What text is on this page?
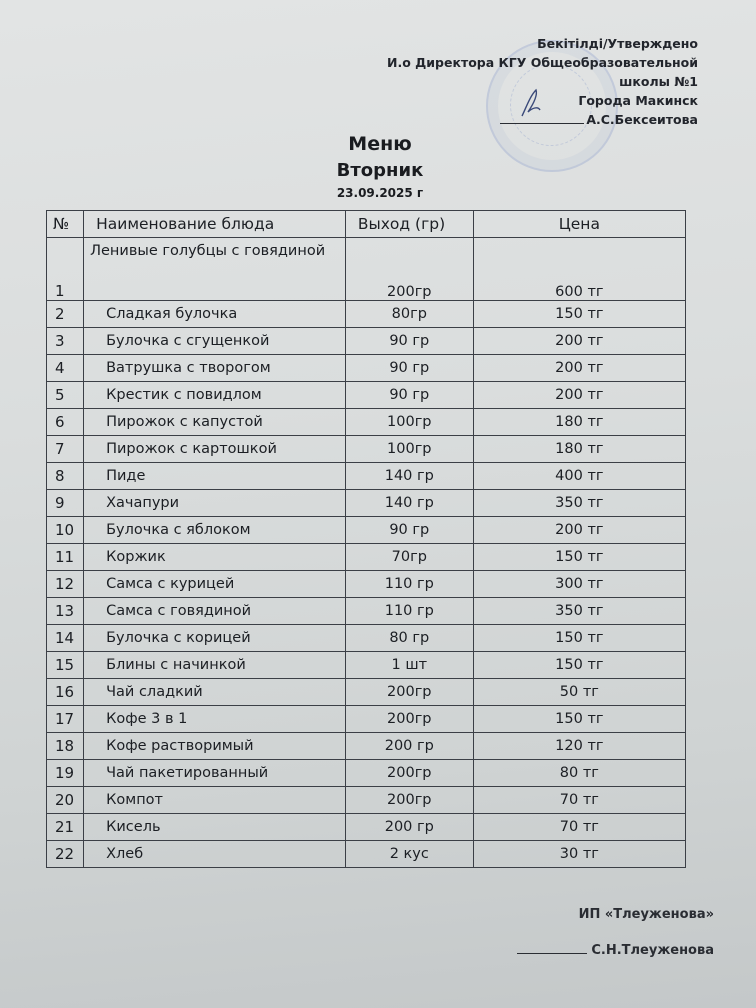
Бекітілді/Утверждено
И.о Директора КГУ Общеобразовательной
школы №1
Города Макинск
А.С.Бексеитова
Меню
Вторник
23.09.2025 г
№	Наименование блюда	Выход (гр)	Цена
1	Ленивые голубцы с говядиной	200гр	600 тг
2	Сладкая булочка	80гр	150 тг
3	Булочка с сгущенкой	90 гр	200 тг
4	Ватрушка с творогом	90 гр	200 тг
5	Крестик с повидлом	90 гр	200 тг
6	Пирожок с капустой	100гр	180 тг
7	Пирожок с картошкой	100гр	180 тг
8	Пиде	140 гр	400 тг
9	Хачапури	140 гр	350 тг
10	Булочка с яблоком	90 гр	200 тг
11	Коржик	70гр	150 тг
12	Самса с курицей	110 гр	300 тг
13	Самса с говядиной	110 гр	350 тг
14	Булочка с корицей	80 гр	150 тг
15	Блины с начинкой	1 шт	150 тг
16	Чай сладкий	200гр	50 тг
17	Кофе 3 в 1	200гр	150 тг
18	Кофе растворимый	200 гр	120 тг
19	Чай пакетированный	200гр	80 тг
20	Компот	200гр	70 тг
21	Кисель	200 гр	70 тг
22	Хлеб	2 кус	30 тг
ИП «Тлеуженова»
С.Н.Тлеуженова
